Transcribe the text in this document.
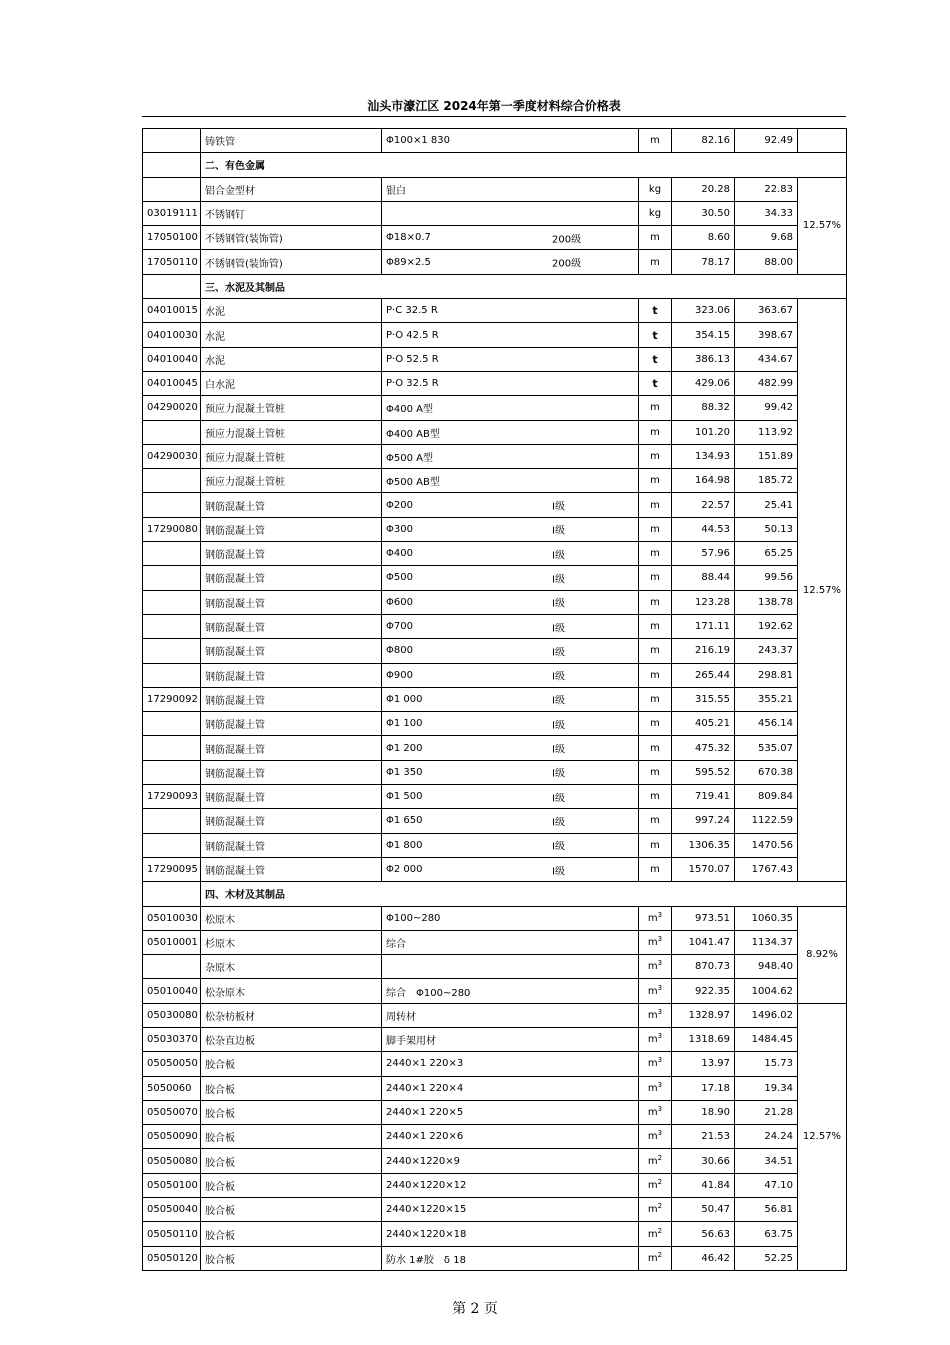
汕头市濠江区 2024年第一季度材料综合价格表
	铸铁管	Φ100×1 830	m	82.16	92.49	
	二、有色金属					
	铝合金型材	银白	kg	20.28	22.83	12.57%
03019111	不锈钢钉		kg	30.50	34.33	
17050100	不锈钢管(装饰管)	Φ18×0.7 200级	m	8.60	9.68	
17050110	不锈钢管(装饰管)	Φ89×2.5 200级	m	78.17	88.00	
	三、水泥及其制品					
04010015	水泥	P·C 32.5 R	t	323.06	363.67	12.57%
04010030	水泥	P·O 42.5 R	t	354.15	398.67	
04010040	水泥	P·O 52.5 R	t	386.13	434.67	
04010045	白水泥	P·O 32.5 R	t	429.06	482.99	
04290020	预应力混凝土管桩	Φ400 A型	m	88.32	99.42	
	预应力混凝土管桩	Φ400 AB型	m	101.20	113.92	
04290030	预应力混凝土管桩	Φ500 A型	m	134.93	151.89	
	预应力混凝土管桩	Φ500 AB型	m	164.98	185.72	
	钢筋混凝土管	Φ200 Ⅰ级	m	22.57	25.41	
17290080	钢筋混凝土管	Φ300 Ⅰ级	m	44.53	50.13	
	钢筋混凝土管	Φ400 Ⅰ级	m	57.96	65.25	
	钢筋混凝土管	Φ500 Ⅰ级	m	88.44	99.56	
	钢筋混凝土管	Φ600 Ⅰ级	m	123.28	138.78	
	钢筋混凝土管	Φ700 Ⅰ级	m	171.11	192.62	
	钢筋混凝土管	Φ800 Ⅰ级	m	216.19	243.37	
	钢筋混凝土管	Φ900 Ⅰ级	m	265.44	298.81	
17290092	钢筋混凝土管	Φ1 000 Ⅰ级	m	315.55	355.21	
	钢筋混凝土管	Φ1 100 Ⅰ级	m	405.21	456.14	
	钢筋混凝土管	Φ1 200 Ⅰ级	m	475.32	535.07	
	钢筋混凝土管	Φ1 350 Ⅰ级	m	595.52	670.38	
17290093	钢筋混凝土管	Φ1 500 Ⅰ级	m	719.41	809.84	
	钢筋混凝土管	Φ1 650 Ⅰ级	m	997.24	1122.59	
	钢筋混凝土管	Φ1 800 Ⅰ级	m	1306.35	1470.56	
17290095	钢筋混凝土管	Φ2 000 Ⅰ级	m	1570.07	1767.43	
	四、木材及其制品					
05010030	松原木	Φ100~280	$m^3$	973.51	1060.35	8.92%
05010001	杉原木	综合	$m^3$	1041.47	1134.37	
	杂原木		$m^3$	870.73	948.40	
05010040	松杂原木	综合　Φ100~280	$m^3$	922.35	1004.62	
05030080	松杂枋板材	周转材	$m^3$	1328.97	1496.02	12.57%
05030370	松杂直边板	脚手架用材	$m^3$	1318.69	1484.45	
05050050	胶合板	2440×1 220×3	$m^3$	13.97	15.73	
5050060	胶合板	2440×1 220×4	$m^3$	17.18	19.34	
05050070	胶合板	2440×1 220×5	$m^3$	18.90	21.28	
05050090	胶合板	2440×1 220×6	$m^3$	21.53	24.24	
05050080	胶合板	2440×1220×9	$m^2$	30.66	34.51	
05050100	胶合板	2440×1220×12	$m^2$	41.84	47.10	
05050040	胶合板	2440×1220×15	$m^2$	50.47	56.81	
05050110	胶合板	2440×1220×18	$m^2$	56.63	63.75	
05050120	胶合板	防水 1#胶　δ 18	$m^2$	46.42	52.25	
第 2 页
